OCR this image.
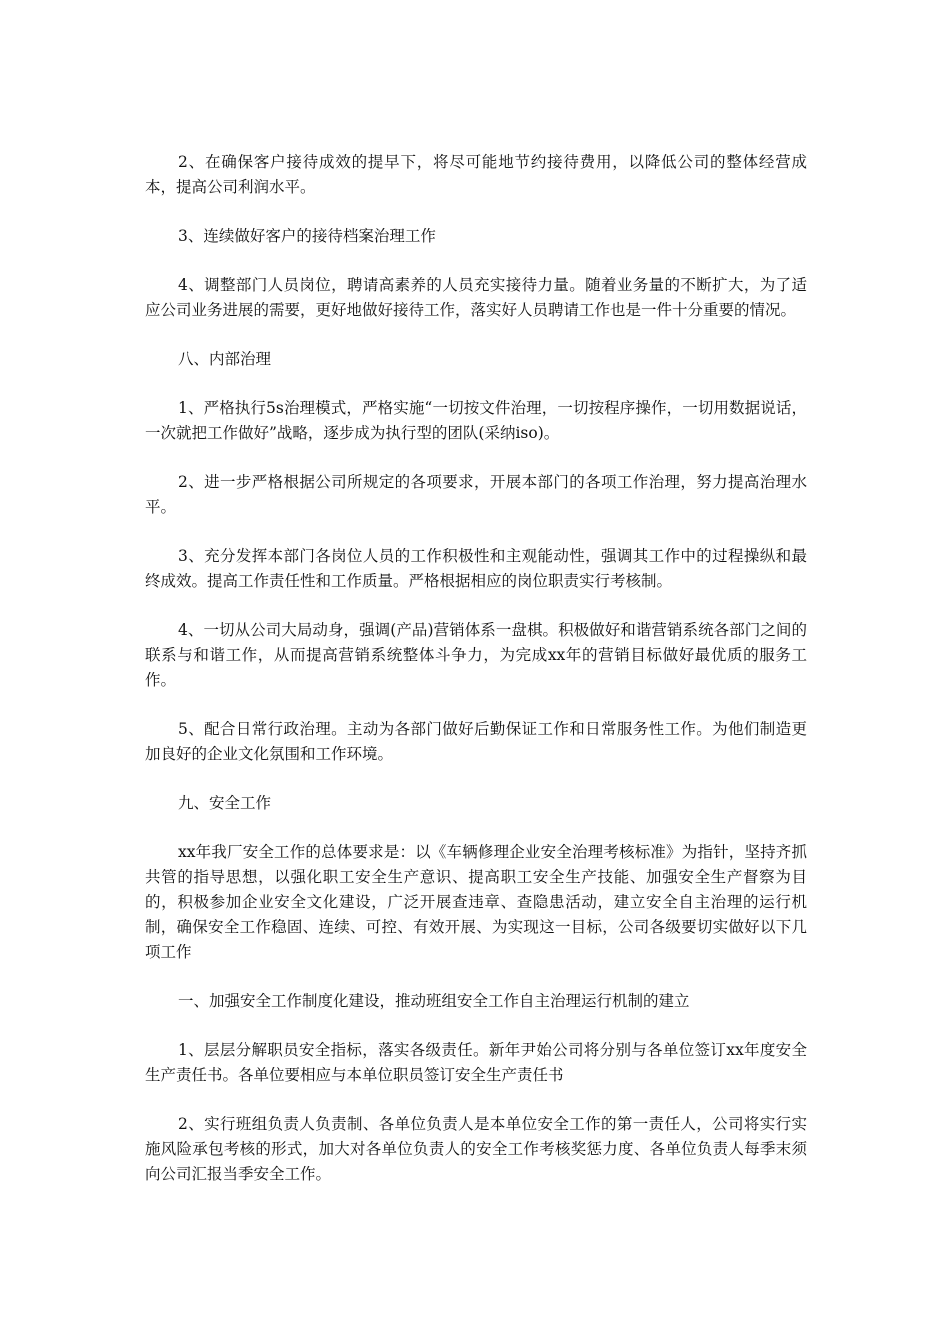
2、在确保客户接待成效的提早下，将尽可能地节约接待费用，以降低公司的整体经营成本，提高公司利润水平。

3、连续做好客户的接待档案治理工作

4、调整部门人员岗位，聘请高素养的人员充实接待力量。随着业务量的不断扩大，为了适应公司业务进展的需要，更好地做好接待工作，落实好人员聘请工作也是一件十分重要的情况。

八、内部治理

1、严格执行5s治理模式，严格实施“一切按文件治理，一切按程序操作，一切用数据说话，一次就把工作做好”战略，逐步成为执行型的团队(采纳iso)。

2、进一步严格根据公司所规定的各项要求，开展本部门的各项工作治理，努力提高治理水平。

3、充分发挥本部门各岗位人员的工作积极性和主观能动性，强调其工作中的过程操纵和最终成效。提高工作责任性和工作质量。严格根据相应的岗位职责实行考核制。

4、一切从公司大局动身，强调(产品)营销体系一盘棋。积极做好和谐营销系统各部门之间的联系与和谐工作，从而提高营销系统整体斗争力，为完成xx年的营销目标做好最优质的服务工作。

5、配合日常行政治理。主动为各部门做好后勤保证工作和日常服务性工作。为他们制造更加良好的企业文化氛围和工作环境。

九、安全工作

xx年我厂安全工作的总体要求是：以《车辆修理企业安全治理考核标准》为指针，坚持齐抓共管的指导思想，以强化职工安全生产意识、提高职工安全生产技能、加强安全生产督察为目的，积极参加企业安全文化建设，广泛开展查违章、查隐患活动，建立安全自主治理的运行机制，确保安全工作稳固、连续、可控、有效开展、为实现这一目标，公司各级要切实做好以下几项工作

一、加强安全工作制度化建设，推动班组安全工作自主治理运行机制的建立

1、层层分解职员安全指标，落实各级责任。新年尹始公司将分别与各单位签订xx年度安全生产责任书。各单位要相应与本单位职员签订安全生产责任书

2、实行班组负责人负责制、各单位负责人是本单位安全工作的第一责任人，公司将实行实施风险承包考核的形式，加大对各单位负责人的安全工作考核奖惩力度、各单位负责人每季末须向公司汇报当季安全工作。
